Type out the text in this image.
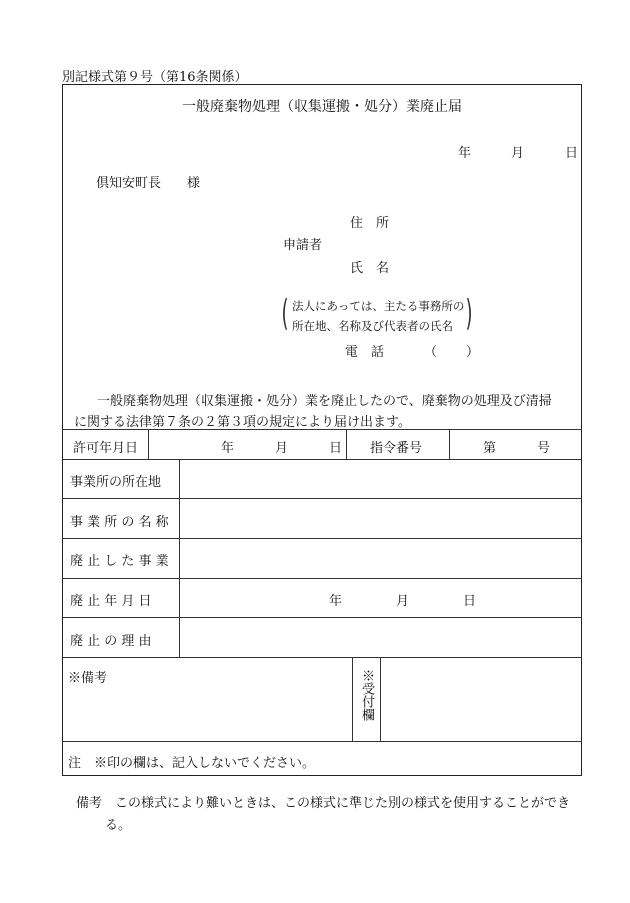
別記様式第９号（第16条関係）
一般廃棄物処理（収集運搬・処分）業廃止届
年	月	日
倶知安町長　　様
住　所
申請者
氏　名
(	)
法人にあっては、主たる事務所の
所在地、名称及び代表者の氏名
電　話	（ ）
一般廃棄物処理（収集運搬・処分）業を廃止したので、廃棄物の処理及び清掃
に関する法律第７条の２第３項の規定により届け出ます。
許可年月日	年	月	日 指令番号	第	号
事業所の所在地
事 業 所 の 名 称
廃 止 し た 事 業
廃 止 年 月 日	年	月	日
廃 止 の 理 由
※備考	※受付欄
注　※印の欄は、記入しないでください。
備考　この様式により難いときは、この様式に準じた別の様式を使用することができ
る。
